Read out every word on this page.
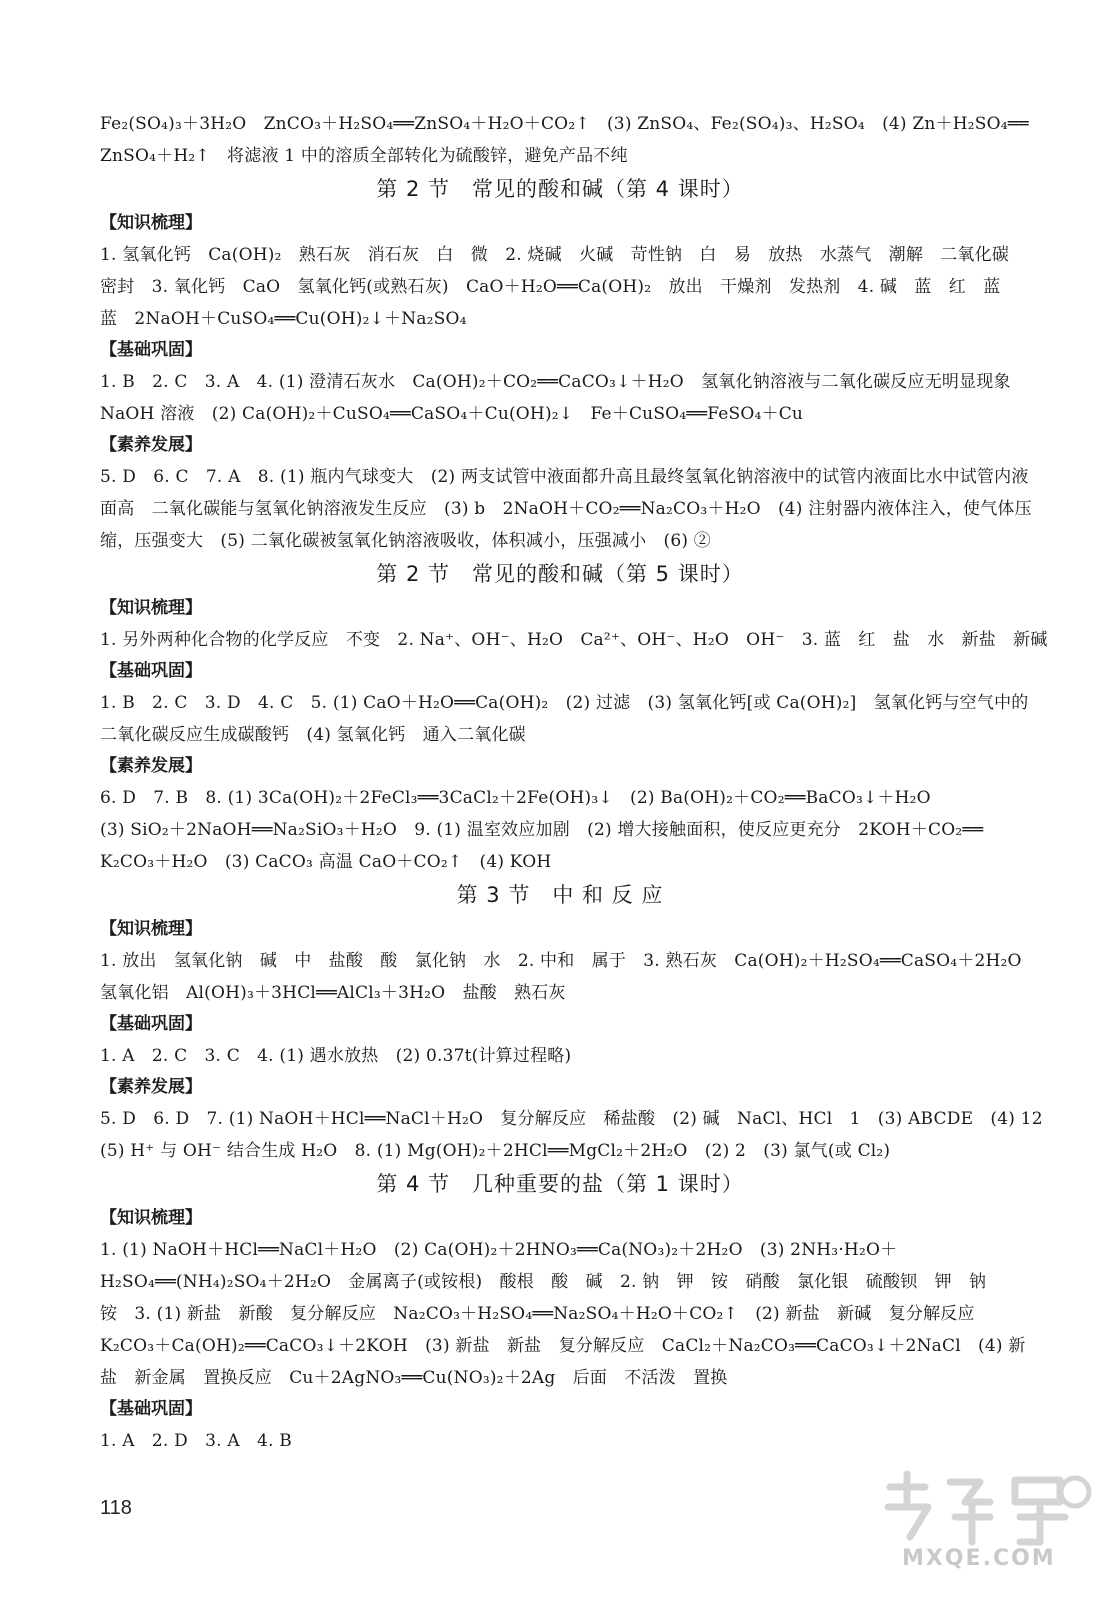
Fe₂(SO₄)₃＋3H₂O　ZnCO₃＋H₂SO₄══ZnSO₄＋H₂O＋CO₂↑　(3) ZnSO₄、Fe₂(SO₄)₃、H₂SO₄　(4) Zn＋H₂SO₄══
ZnSO₄＋H₂↑　将滤液 1 中的溶质全部转化为硫酸锌，避免产品不纯
第 2 节　常见的酸和碱（第 4 课时）
【知识梳理】
1. 氢氧化钙　Ca(OH)₂　熟石灰　消石灰　白　微　2. 烧碱　火碱　苛性钠　白　易　放热　水蒸气　潮解　二氧化碳
密封　3. 氧化钙　CaO　氢氧化钙(或熟石灰)　CaO＋H₂O══Ca(OH)₂　放出　干燥剂　发热剂　4. 碱　蓝　红　蓝
蓝　2NaOH＋CuSO₄══Cu(OH)₂↓＋Na₂SO₄
【基础巩固】
1. B　2. C　3. A　4. (1) 澄清石灰水　Ca(OH)₂＋CO₂══CaCO₃↓＋H₂O　氢氧化钠溶液与二氧化碳反应无明显现象
NaOH 溶液　(2) Ca(OH)₂＋CuSO₄══CaSO₄＋Cu(OH)₂↓　Fe＋CuSO₄══FeSO₄＋Cu
【素养发展】
5. D　6. C　7. A　8. (1) 瓶内气球变大　(2) 两支试管中液面都升高且最终氢氧化钠溶液中的试管内液面比水中试管内液
面高　二氧化碳能与氢氧化钠溶液发生反应　(3) b　2NaOH＋CO₂══Na₂CO₃＋H₂O　(4) 注射器内液体注入，使气体压
缩，压强变大　(5) 二氧化碳被氢氧化钠溶液吸收，体积减小，压强减小　(6) ②
第 2 节　常见的酸和碱（第 5 课时）
【知识梳理】
1. 另外两种化合物的化学反应　不变　2. Na⁺、OH⁻、H₂O　Ca²⁺、OH⁻、H₂O　OH⁻　3. 蓝　红　盐　水　新盐　新碱
【基础巩固】
1. B　2. C　3. D　4. C　5. (1) CaO＋H₂O══Ca(OH)₂　(2) 过滤　(3) 氢氧化钙[或 Ca(OH)₂]　氢氧化钙与空气中的
二氧化碳反应生成碳酸钙　(4) 氢氧化钙　通入二氧化碳
【素养发展】
6. D　7. B　8. (1) 3Ca(OH)₂＋2FeCl₃══3CaCl₂＋2Fe(OH)₃↓　(2) Ba(OH)₂＋CO₂══BaCO₃↓＋H₂O
(3) SiO₂＋2NaOH══Na₂SiO₃＋H₂O　9. (1) 温室效应加剧　(2) 增大接触面积，使反应更充分　2KOH＋CO₂══
K₂CO₃＋H₂O　(3) CaCO₃ 高温 CaO＋CO₂↑　(4) KOH
第 3 节　中 和 反 应
【知识梳理】
1. 放出　氢氧化钠　碱　中　盐酸　酸　氯化钠　水　2. 中和　属于　3. 熟石灰　Ca(OH)₂＋H₂SO₄══CaSO₄＋2H₂O
氢氧化铝　Al(OH)₃＋3HCl══AlCl₃＋3H₂O　盐酸　熟石灰
【基础巩固】
1. A　2. C　3. C　4. (1) 遇水放热　(2) 0.37t(计算过程略)
【素养发展】
5. D　6. D　7. (1) NaOH＋HCl══NaCl＋H₂O　复分解反应　稀盐酸　(2) 碱　NaCl、HCl　1　(3) ABCDE　(4) 12
(5) H⁺ 与 OH⁻ 结合生成 H₂O　8. (1) Mg(OH)₂＋2HCl══MgCl₂＋2H₂O　(2) 2　(3) 氯气(或 Cl₂)
第 4 节　几种重要的盐（第 1 课时）
【知识梳理】
1. (1) NaOH＋HCl══NaCl＋H₂O　(2) Ca(OH)₂＋2HNO₃══Ca(NO₃)₂＋2H₂O　(3) 2NH₃·H₂O＋
H₂SO₄══(NH₄)₂SO₄＋2H₂O　金属离子(或铵根)　酸根　酸　碱　2. 钠　钾　铵　硝酸　氯化银　硫酸钡　钾　钠
铵　3. (1) 新盐　新酸　复分解反应　Na₂CO₃＋H₂SO₄══Na₂SO₄＋H₂O＋CO₂↑　(2) 新盐　新碱　复分解反应
K₂CO₃＋Ca(OH)₂══CaCO₃↓＋2KOH　(3) 新盐　新盐　复分解反应　CaCl₂＋Na₂CO₃══CaCO₃↓＋2NaCl　(4) 新
盐　新金属　置换反应　Cu＋2AgNO₃══Cu(NO₃)₂＋2Ag　后面　不活泼　置换
【基础巩固】
1. A　2. D　3. A　4. B
118
MXQE.COM
